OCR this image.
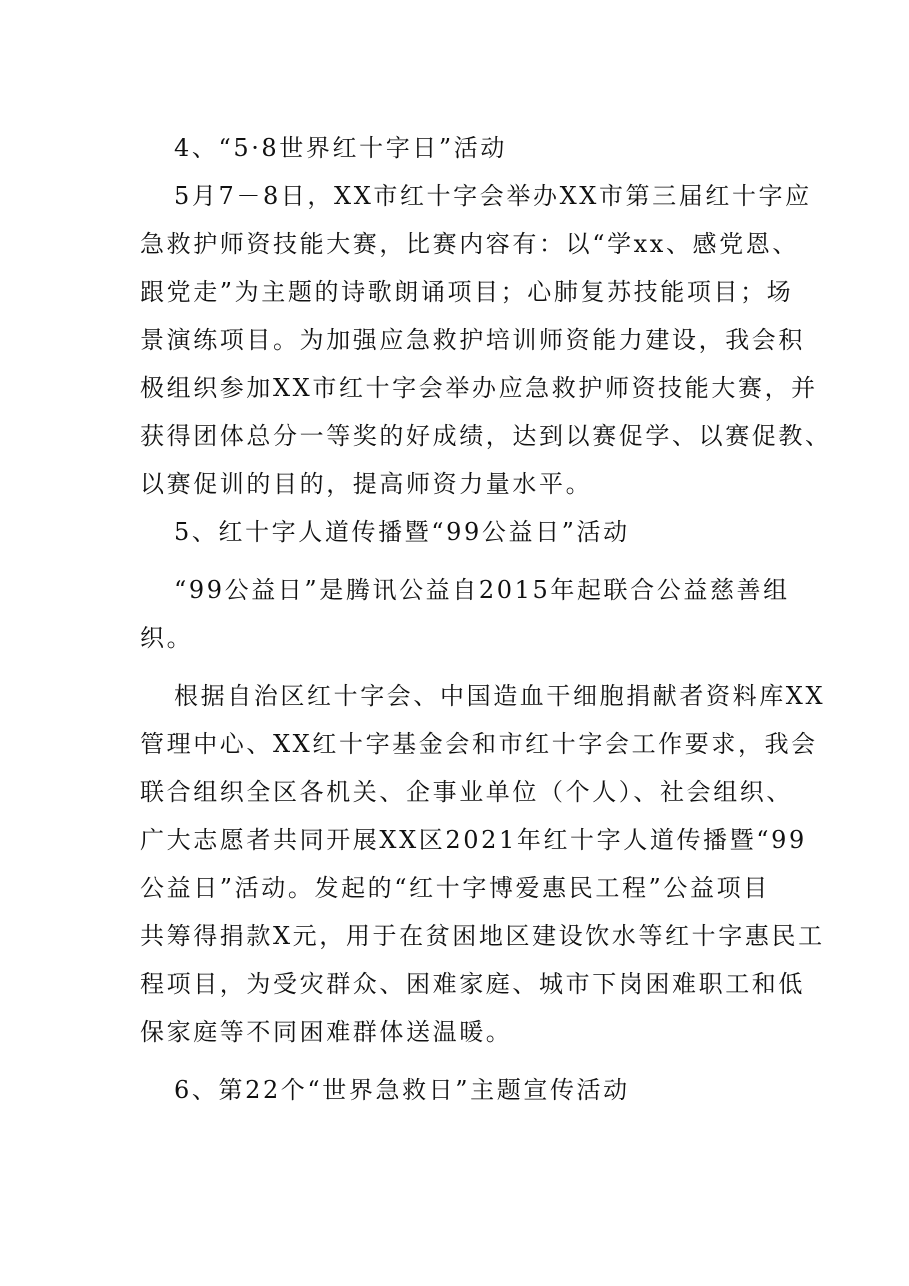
4、“5·8世界红十字日”活动
5月7－8日，XX市红十字会举办XX市第三届红十字应
急救护师资技能大赛，比赛内容有：以“学xx、感党恩、
跟党走”为主题的诗歌朗诵项目；心肺复苏技能项目；场
景演练项目。为加强应急救护培训师资能力建设，我会积
极组织参加XX市红十字会举办应急救护师资技能大赛，并
获得团体总分一等奖的好成绩，达到以赛促学、以赛促教、
以赛促训的目的，提高师资力量水平。
5、红十字人道传播暨“99公益日”活动
“99公益日”是腾讯公益自2015年起联合公益慈善组
织。
根据自治区红十字会、中国造血干细胞捐献者资料库XX
管理中心、XX红十字基金会和市红十字会工作要求，我会
联合组织全区各机关、企事业单位（个人）、社会组织、
广大志愿者共同开展XX区2021年红十字人道传播暨“99
公益日”活动。发起的“红十字博爱惠民工程”公益项目
共筹得捐款X元，用于在贫困地区建设饮水等红十字惠民工
程项目，为受灾群众、困难家庭、城市下岗困难职工和低
保家庭等不同困难群体送温暖。
6、第22个“世界急救日”主题宣传活动
